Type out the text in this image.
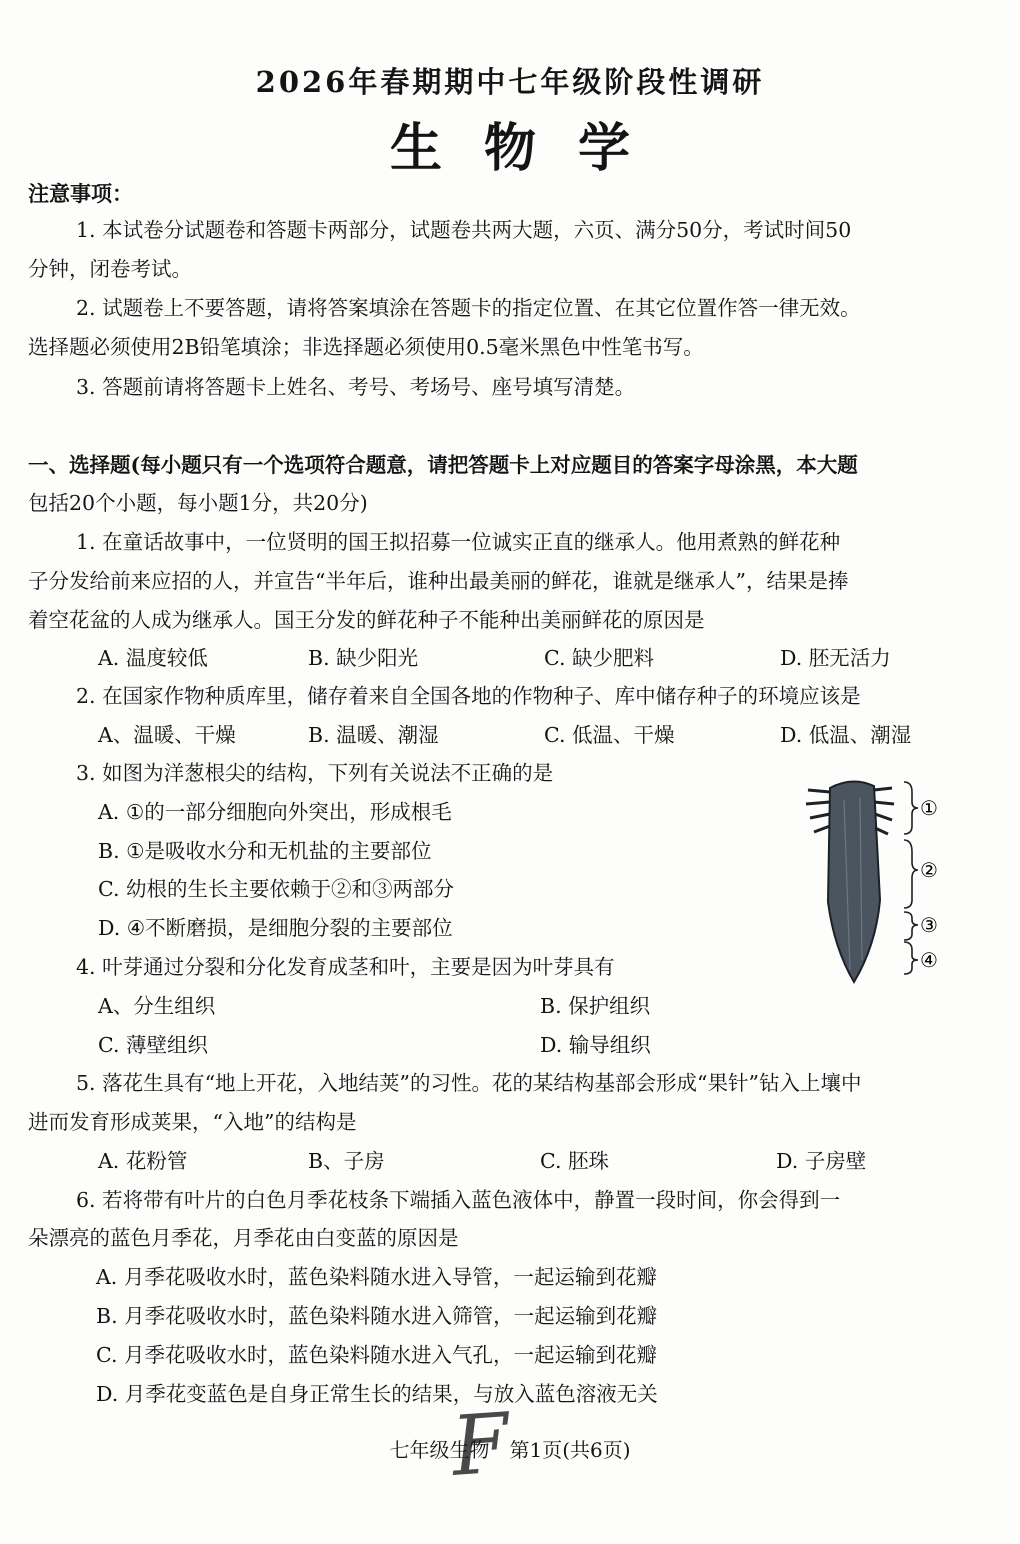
2026年春期期中七年级阶段性调研
生物学
注意事项：
1. 本试卷分试题卷和答题卡两部分，试题卷共两大题，六页、满分50分，考试时间50
分钟，闭卷考试。
2. 试题卷上不要答题，请将答案填涂在答题卡的指定位置、在其它位置作答一律无效。
选择题必须使用2B铅笔填涂；非选择题必须使用0.5毫米黑色中性笔书写。
3. 答题前请将答题卡上姓名、考号、考场号、座号填写清楚。
一、选择题(每小题只有一个选项符合题意，请把答题卡上对应题目的答案字母涂黑，本大题
包括20个小题，每小题1分，共20分)
1. 在童话故事中，一位贤明的国王拟招募一位诚实正直的继承人。他用煮熟的鲜花种
子分发给前来应招的人，并宣告“半年后，谁种出最美丽的鲜花，谁就是继承人”，结果是捧
着空花盆的人成为继承人。国王分发的鲜花种子不能种出美丽鲜花的原因是
A. 温度较低	B. 缺少阳光	C. 缺少肥料	D. 胚无活力
2. 在国家作物种质库里，储存着来自全国各地的作物种子、库中储存种子的环境应该是
A、温暖、干燥	B. 温暖、潮湿	C. 低温、干燥	D. 低温、潮湿
3. 如图为洋葱根尖的结构，下列有关说法不正确的是
A. ①的一部分细胞向外突出，形成根毛
B. ①是吸收水分和无机盐的主要部位
C. 幼根的生长主要依赖于②和③两部分
D. ④不断磨损，是细胞分裂的主要部位
①
②
③
④
4. 叶芽通过分裂和分化发育成茎和叶，主要是因为叶芽具有
A、分生组织	B. 保护组织
C. 薄壁组织	D. 输导组织
5. 落花生具有“地上开花，入地结荚”的习性。花的某结构基部会形成“果针”钻入上壤中
进而发育形成荚果，“入地”的结构是
A. 花粉管	B、子房	C. 胚珠	D. 子房壁
6. 若将带有叶片的白色月季花枝条下端插入蓝色液体中，静置一段时间，你会得到一
朵漂亮的蓝色月季花，月季花由白变蓝的原因是
A. 月季花吸收水时，蓝色染料随水进入导管，一起运输到花瓣
B. 月季花吸收水时，蓝色染料随水进入筛管，一起运输到花瓣
C. 月季花吸收水时，蓝色染料随水进入气孔，一起运输到花瓣
D. 月季花变蓝色是自身正常生长的结果，与放入蓝色溶液无关
F
七年级生物　第1页(共6页)
